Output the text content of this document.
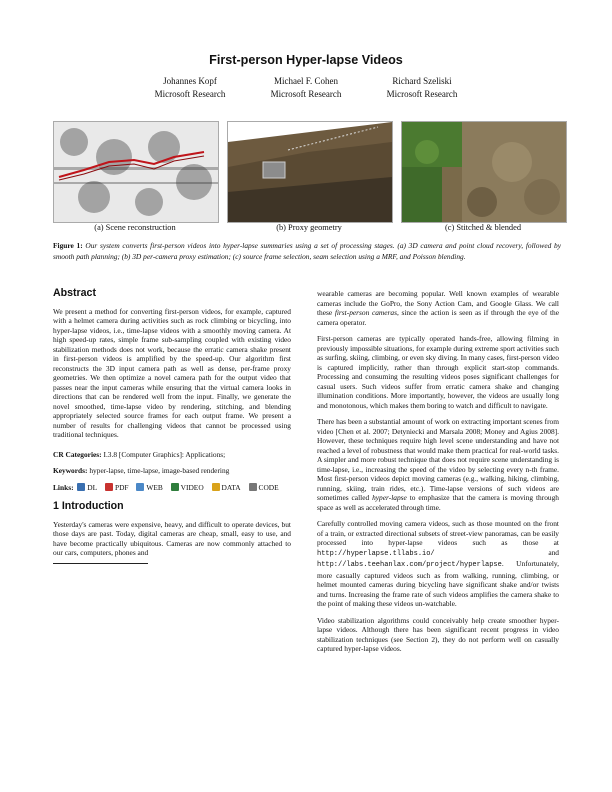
First-person Hyper-lapse Videos
Johannes Kopf
Microsoft Research
Michael F. Cohen
Microsoft Research
Richard Szeliski
Microsoft Research
(a) Scene reconstruction	(b) Proxy geometry	(c) Stitched & blended
Figure 1: Our system converts first-person videos into hyper-lapse summaries using a set of processing stages. (a) 3D camera and point cloud recovery, followed by smooth path planning; (b) 3D per-camera proxy estimation; (c) source frame selection, seam selection using a MRF, and Poisson blending.
Abstract

We present a method for converting first-person videos, for example, captured with a helmet camera during activities such as rock climbing or bicycling, into hyper-lapse videos, i.e., time-lapse videos with a smoothly moving camera. At high speed-up rates, simple frame sub-sampling coupled with existing video stabilization methods does not work, because the erratic camera shake present in first-person videos is amplified by the speed-up. Our algorithm first reconstructs the 3D input camera path as well as dense, per-frame proxy geometries. We then optimize a novel camera path for the output video that passes near the input cameras while ensuring that the virtual camera looks in directions that can be rendered well from the input. Finally, we generate the novel smoothed, time-lapse video by rendering, stitching, and blending appropriately selected source frames for each output frame. We present a number of results for challenging videos that cannot be processed using traditional techniques.

CR Categories: I.3.8 [Computer Graphics]: Applications;

Keywords: hyper-lapse, time-lapse, image-based rendering

Links: DL PDF WEB VIDEO DATA CODE

1 Introduction

Yesterday's cameras were expensive, heavy, and difficult to operate devices, but those days are past. Today, digital cameras are cheap, small, easy to use, and have become practically ubiquitous. Cameras are now commonly attached to our cars, computers, phones and

wearable cameras are becoming popular. Well known examples of wearable cameras include the GoPro, the Sony Action Cam, and Google Glass. We call these first-person cameras, since the action is seen as if through the eye of the camera operator.

First-person cameras are typically operated hands-free, allowing filming in previously impossible situations, for example during extreme sport activities such as surfing, skiing, climbing, or even sky diving. In many cases, first-person video is captured implicitly, rather than through explicit start-stop commands. Processing and consuming the resulting videos poses significant challenges for casual users. Such videos suffer from erratic camera shake and changing illumination conditions. More importantly, however, the videos are usually long and monotonous, which makes them boring to watch and difficult to navigate.

There has been a substantial amount of work on extracting important scenes from video [Chen et al. 2007; Detyniecki and Marsala 2008; Money and Agius 2008]. However, these techniques require high level scene understanding and have not reached a level of robustness that would make them practical for real-world tasks. A simpler and more robust technique that does not require scene understanding is time-lapse, i.e., increasing the speed of the video by selecting every n-th frame. Most first-person videos depict moving cameras (e.g., walking, hiking, climbing, running, skiing, train rides, etc.). Time-lapse versions of such videos are sometimes called hyper-lapse to emphasize that the camera is moving through space as well as accelerated through time.

Carefully controlled moving camera videos, such as those mounted on the front of a train, or extracted directional subsets of street-view panoramas, can be easily processed into hyper-lapse videos such as those at http://hyperlapse.tllabs.io/ and http://labs.teehanlax.com/project/hyperlapse. Unfortunately, more casually captured videos such as from walking, running, climbing, or helmet mounted cameras during bicycling have significant shake and/or twists and turns. Increasing the frame rate of such videos amplifies the camera shake to the point of making these videos un-watchable.

Video stabilization algorithms could conceivably help create smoother hyper-lapse videos. Although there has been significant recent progress in video stabilization techniques (see Section 2), they do not perform well on casually captured hyper-lapse videos.
